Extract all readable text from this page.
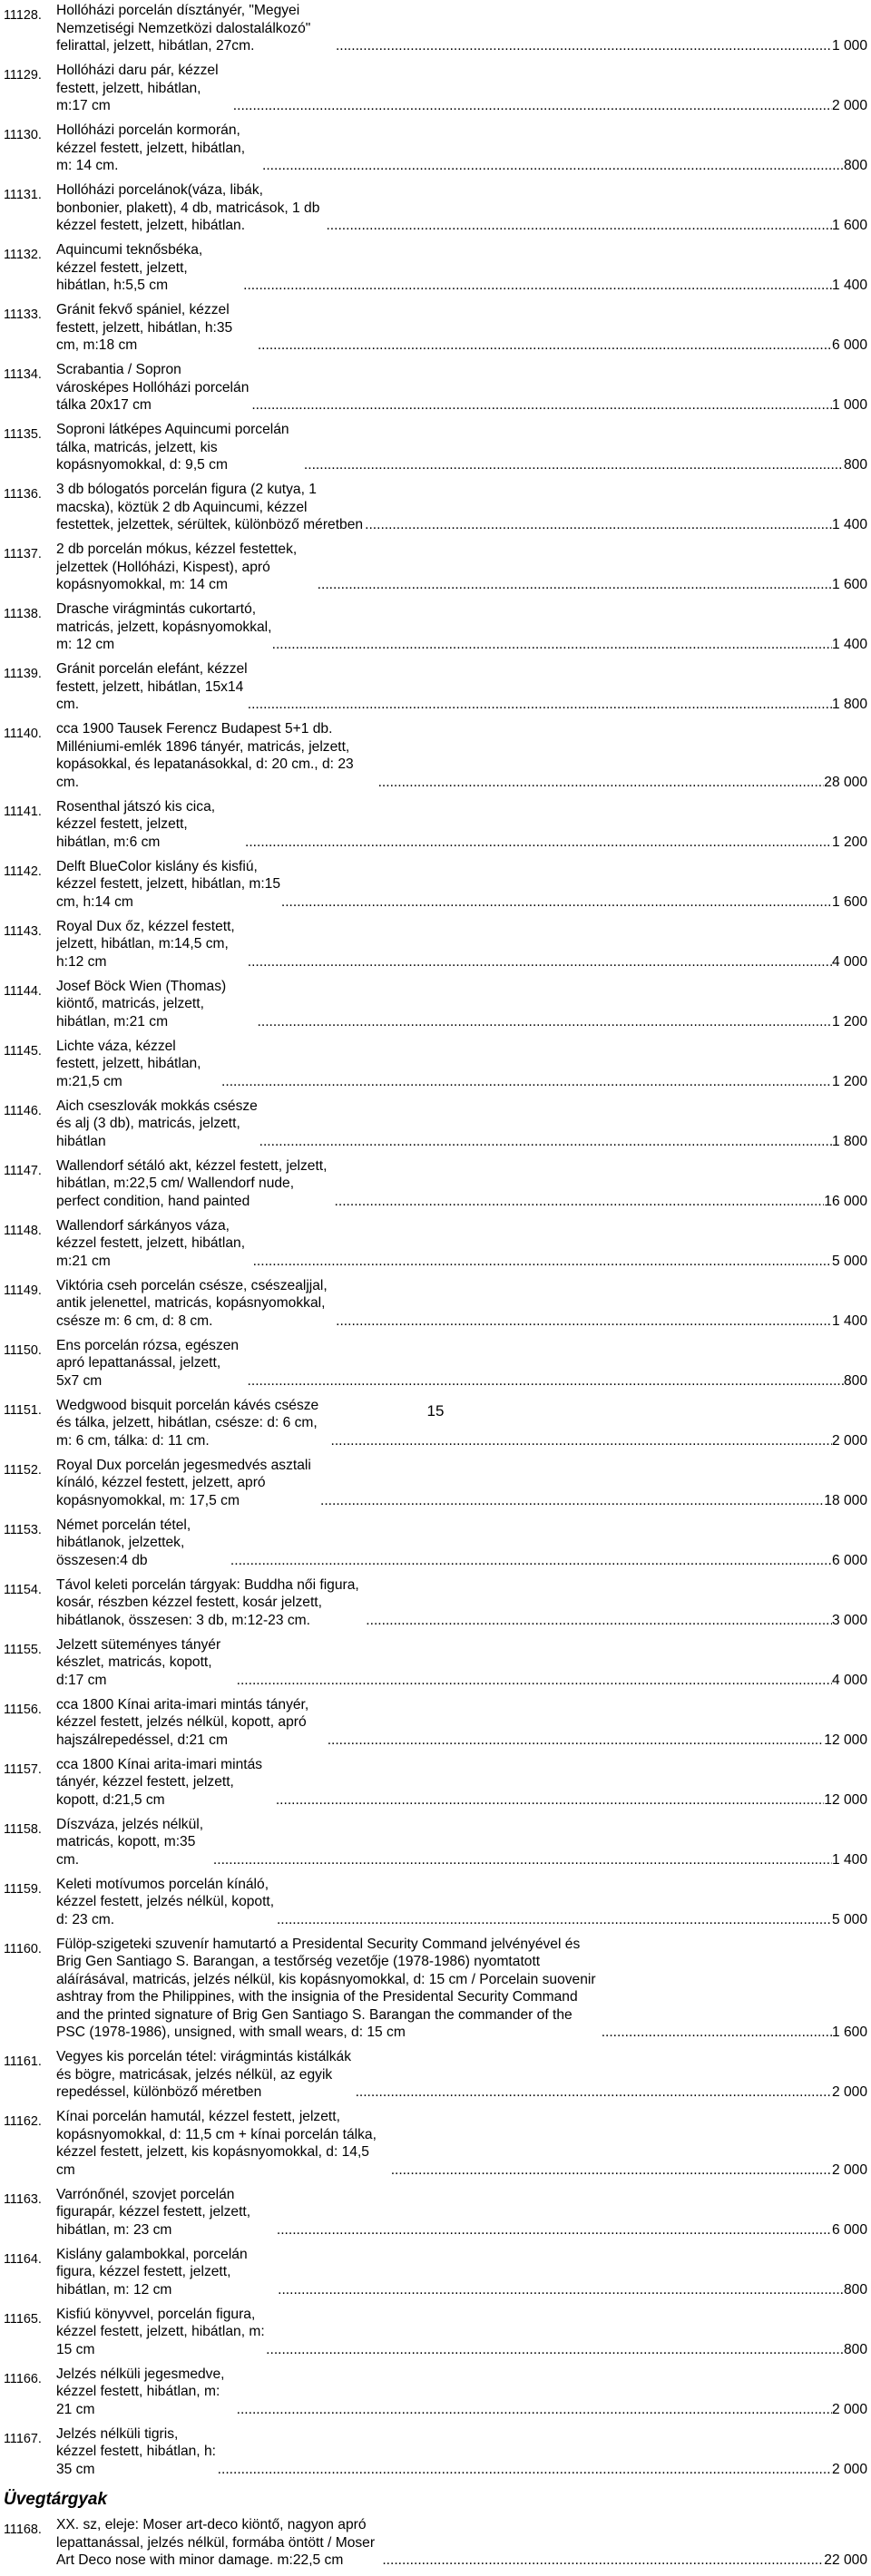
11128.	Hollóházi porcelán dísztányér, "Megyei Nemzetiségi Nemzetközi dalostalálkozó" felirattal, jelzett, hibátlan, 27cm. .....	1 000
11129.	Hollóházi daru pár, kézzel festett, jelzett, hibátlan, m:17 cm .....	2 000
11130.	Hollóházi porcelán kormorán, kézzel festett, jelzett, hibátlan, m: 14 cm. .....	800
11131.	Hollóházi porcelánok(váza, libák, bonbonier, plakett), 4 db, matricások, 1 db kézzel festett, jelzett, hibátlan. .....	1 600
11132.	Aquincumi teknősbéka, kézzel festett, jelzett, hibátlan, h:5,5 cm .....	1 400
11133.	Gránit fekvő spániel, kézzel festett, jelzett, hibátlan, h:35 cm, m:18 cm .....	6 000
11134.	Scrabantia / Sopron városképes Hollóházi porcelán tálka 20x17 cm .....	1 000
11135.	Soproni látképes Aquincumi porcelán tálka, matricás, jelzett, kis kopásnyomokkal, d: 9,5 cm .....	800
11136.	3 db bólogatós porcelán figura (2 kutya, 1 macska), köztük 2 db Aquincumi, kézzel festettek, jelzettek, sérültek, különböző méretben .....	1 400
11137.	2 db porcelán mókus, kézzel festettek, jelzettek (Hollóházi, Kispest), apró kopásnyomokkal, m: 14 cm .....	1 600
11138.	Drasche virágmintás cukortartó, matricás, jelzett, kopásnyomokkal, m: 12 cm .....	1 400
11139.	Gránit porcelán elefánt, kézzel festett, jelzett, hibátlan, 15x14 cm. .....	1 800
11140.	cca 1900 Tausek Ferencz Budapest 5+1 db. Milléniumi-emlék 1896 tányér, matricás, jelzett, kopásokkal, és lepatanásokkal, d: 20 cm., d: 23 cm. .....	28 000
11141.	Rosenthal játszó kis cica, kézzel festett, jelzett, hibátlan, m:6 cm .....	1 200
11142.	Delft BlueColor kislány és kisfiú, kézzel festett, jelzett, hibátlan, m:15 cm, h:14 cm .....	1 600
11143.	Royal Dux őz, kézzel festett, jelzett, hibátlan, m:14,5 cm, h:12 cm .....	4 000
11144.	Josef Böck Wien (Thomas) kiöntő, matricás, jelzett, hibátlan, m:21 cm .....	1 200
11145.	Lichte váza, kézzel festett, jelzett, hibátlan, m:21,5 cm .....	1 200
11146.	Aich cseszlovák mokkás csésze és alj (3 db), matricás, jelzett, hibátlan .....	1 800
11147.	Wallendorf sétáló akt, kézzel festett, jelzett, hibátlan, m:22,5 cm/ Wallendorf nude, perfect condition, hand painted .....	16 000
11148.	Wallendorf sárkányos váza, kézzel festett, jelzett, hibátlan, m:21 cm .....	5 000
11149.	Viktória cseh porcelán csésze, csészealjjal, antik jelenettel, matricás, kopásnyomokkal, csésze m: 6 cm, d: 8 cm. .....	1 400
11150.	Ens porcelán rózsa, egészen apró lepattanással, jelzett, 5x7 cm .....	800
11151.	Wedgwood bisquit porcelán kávés csésze és tálka, jelzett, hibátlan, csésze: d: 6 cm, m: 6 cm, tálka: d: 11 cm. .....	2 000
11152.	Royal Dux porcelán jegesmedvés asztali kínáló, kézzel festett, jelzett, apró kopásnyomokkal, m: 17,5 cm .....	18 000
11153.	Német porcelán tétel, hibátlanok, jelzettek, összesen:4 db .....	6 000
11154.	Távol keleti porcelán tárgyak: Buddha női figura, kosár, részben kézzel festett, kosár jelzett, hibátlanok, összesen: 3 db, m:12-23 cm. .....	3 000
11155.	Jelzett süteményes tányér készlet, matricás, kopott, d:17 cm .....	4 000
11156.	cca 1800 Kínai arita-imari mintás tányér, kézzel festett, jelzés nélkül, kopott, apró hajszálrepedéssel, d:21 cm .....	12 000
11157.	cca 1800 Kínai arita-imari mintás tányér, kézzel festett, jelzett, kopott, d:21,5 cm .....	12 000
11158.	Díszváza, jelzés nélkül, matricás, kopott, m:35 cm. .....	1 400
11159.	Keleti motívumos porcelán kínáló, kézzel festett, jelzés nélkül, kopott, d: 23 cm. .....	5 000
11160.	Fülöp-szigeteki szuvenír hamutartó a Presidental Security Command jelvényével és Brig Gen Santiago S. Barangan, a testőrség vezetője (1978-1986) nyomtatott aláírásával, matricás, jelzés nélkül, kis kopásnyomokkal, d: 15 cm / Porcelain suovenir ashtray from the Philippines, with the insignia of the Presidental Security Command and the printed signature of Brig Gen Santiago S. Barangan the commander of the PSC (1978-1986), unsigned, with small wears, d: 15 cm .....	1 600
11161.	Vegyes kis porcelán tétel: virágmintás kistálkák és bögre, matricásak, jelzés nélkül, az egyik repedéssel, különböző méretben .....	2 000
11162.	Kínai porcelán hamutál, kézzel festett, jelzett, kopásnyomokkal, d: 11,5 cm + kínai porcelán tálka, kézzel festett, jelzett, kis kopásnyomokkal, d: 14,5 cm .....	2 000
11163.	Varrónőnél, szovjet porcelán figurapár, kézzel festett, jelzett, hibátlan, m: 23 cm .....	6 000
11164.	Kislány galambokkal, porcelán figura, kézzel festett, jelzett, hibátlan, m: 12 cm .....	800
11165.	Kisfiú könyvvel, porcelán figura, kézzel festett, jelzett, hibátlan, m: 15 cm .....	800
11166.	Jelzés nélküli jegesmedve, kézzel festett, hibátlan, m: 21 cm .....	2 000
11167.	Jelzés nélküli tigris, kézzel festett, hibátlan, h: 35 cm .....	2 000
Üvegtárgyak
11168.	XX. sz, eleje: Moser art-deco kiöntő, nagyon apró lepattanással, jelzés nélkül, formába öntött / Moser Art Deco nose with minor damage. m:22,5 cm .....	22 000
15
